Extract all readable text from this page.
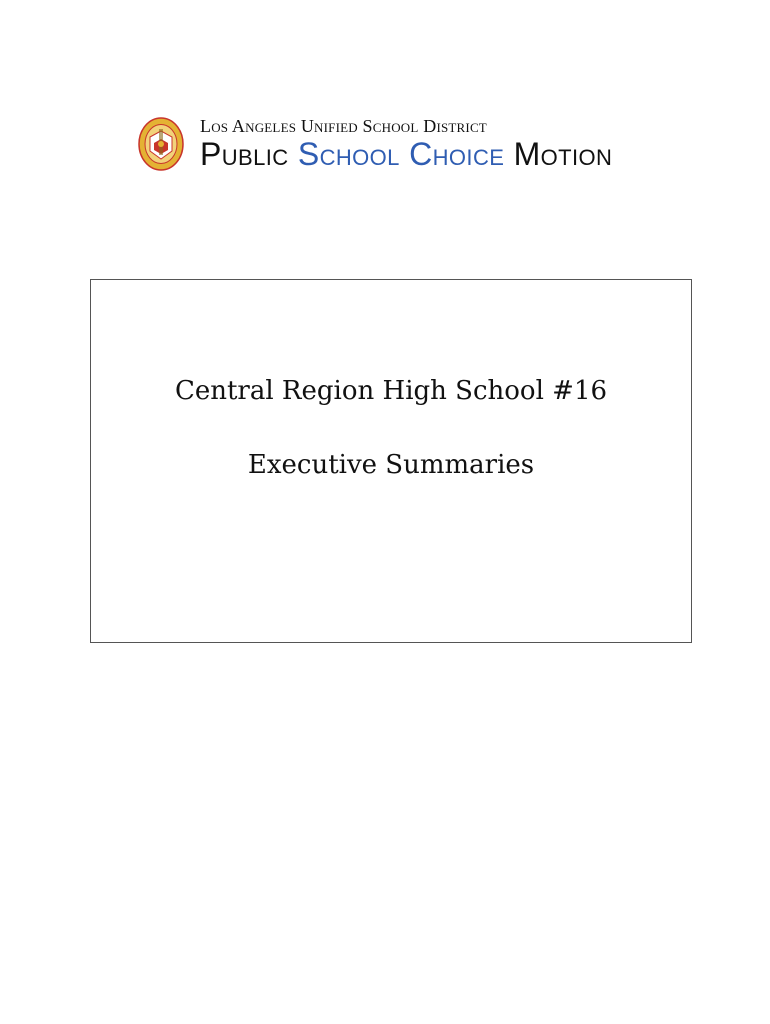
Los Angeles Unified School District
Public School Choice Motion
Central Region High School #16
Executive Summaries
